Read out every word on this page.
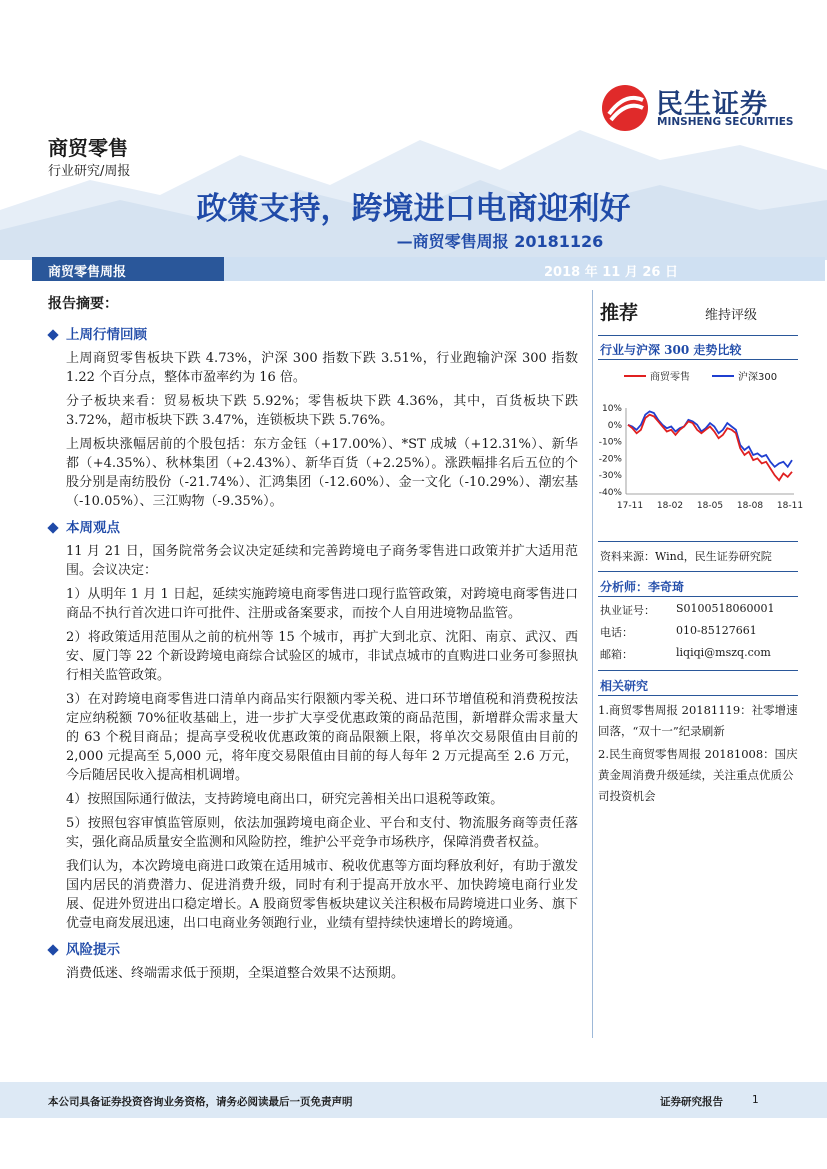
民生证券
MINSHENG SECURITIES
商贸零售
行业研究/周报
政策支持，跨境进口电商迎利好
—商贸零售周报 20181126
商贸零售周报	2018 年 11 月 26 日
报告摘要：
上周行情回顾

上周商贸零售板块下跌 4.73%，沪深 300 指数下跌 3.51%，行业跑输沪深 300 指数 1.22 个百分点，整体市盈率约为 16 倍。

分子板块来看：贸易板块下跌 5.92%；零售板块下跌 4.36%，其中，百货板块下跌 3.72%，超市板块下跌 3.47%，连锁板块下跌 5.76%。

上周板块涨幅居前的个股包括：东方金钰（+17.00%）、*ST 成城（+12.31%）、新华都（+4.35%）、秋林集团（+2.43%）、新华百货（+2.25%）。涨跌幅排名后五位的个股分别是南纺股份（-21.74%）、汇鸿集团（-12.60%）、金一文化（-10.29%）、潮宏基（-10.05%）、三江购物（-9.35%）。

本周观点

11 月 21 日，国务院常务会议决定延续和完善跨境电子商务零售进口政策并扩大适用范围。会议决定：

1）从明年 1 月 1 日起，延续实施跨境电商零售进口现行监管政策，对跨境电商零售进口商品不执行首次进口许可批件、注册或备案要求，而按个人自用进境物品监管。

2）将政策适用范围从之前的杭州等 15 个城市，再扩大到北京、沈阳、南京、武汉、西安、厦门等 22 个新设跨境电商综合试验区的城市，非试点城市的直购进口业务可参照执行相关监管政策。

3）在对跨境电商零售进口清单内商品实行限额内零关税、进口环节增值税和消费税按法定应纳税额 70%征收基础上，进一步扩大享受优惠政策的商品范围，新增群众需求量大的 63 个税目商品；提高享受税收优惠政策的商品限额上限，将单次交易限值由目前的 2,000 元提高至 5,000 元，将年度交易限值由目前的每人每年 2 万元提高至 2.6 万元，今后随居民收入提高相机调增。

4）按照国际通行做法，支持跨境电商出口，研究完善相关出口退税等政策。

5）按照包容审慎监管原则，依法加强跨境电商企业、平台和支付、物流服务商等责任落实，强化商品质量安全监测和风险防控，维护公平竞争市场秩序，保障消费者权益。

我们认为，本次跨境电商进口政策在适用城市、税收优惠等方面均释放利好，有助于激发国内居民的消费潜力、促进消费升级，同时有利于提高开放水平、加快跨境电商行业发展、促进外贸进出口稳定增长。A 股商贸零售板块建议关注积极布局跨境进口业务、旗下优壹电商发展迅速，出口电商业务领跑行业，业绩有望持续快速增长的跨境通。

风险提示

消费低迷、终端需求低于预期，全渠道整合效果不达预期。

推荐	维持评级
行业与沪深 300 走势比较
商贸零售	沪深300
10%
0%
-10%
-20%
-30%
-40%
17-11 18-02 18-05 18-08 18-11
资料来源：Wind，民生证券研究院
分析师：李奇琦
执业证号： S0100518060001
电话：	010-85127661
邮箱：	liqiqi@mszq.com
相关研究
1.商贸零售周报 20181119：社零增速回落，“双十一”纪录刷新
2.民生商贸零售周报 20181008：国庆黄金周消费升级延续，关注重点优质公司投资机会
本公司具备证券投资咨询业务资格，请务必阅读最后一页免责声明	证券研究报告	1
